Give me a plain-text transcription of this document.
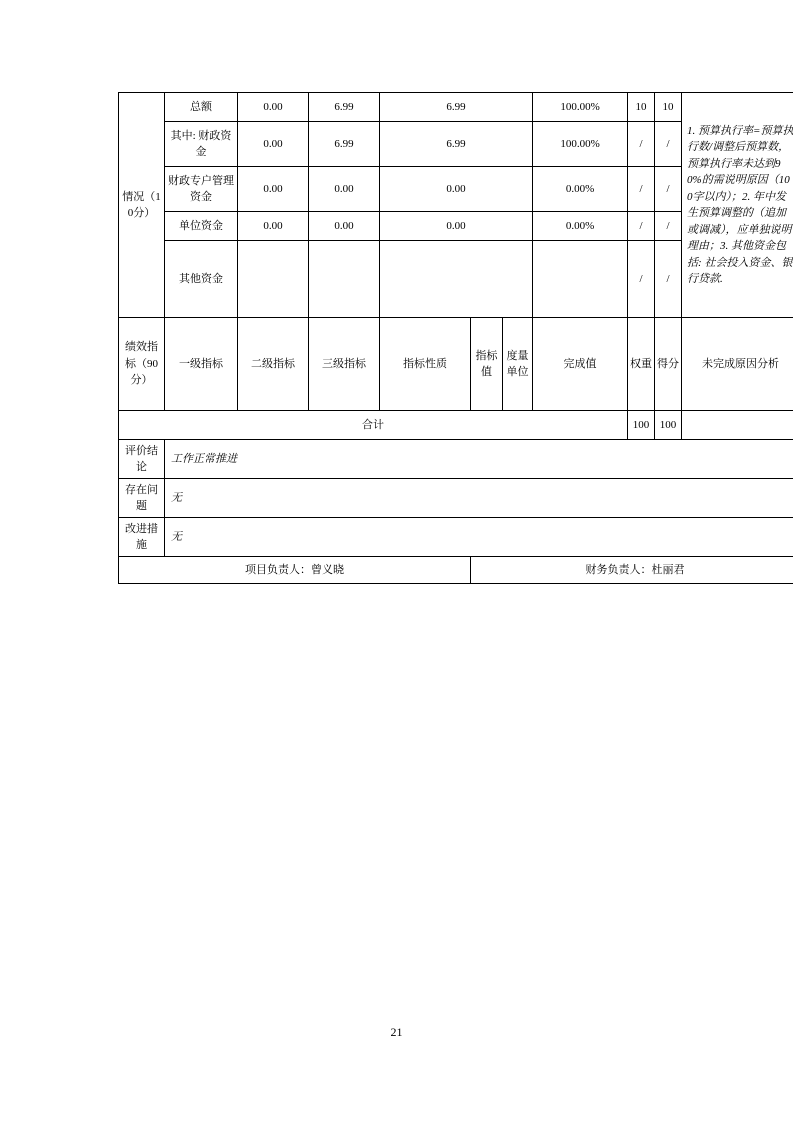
情况（10分）	总额	0.00	6.99	6.99			100.00%	10	10	1. 预算执行率=预算执行数/调整后预算数，预算执行率未达到90%的需说明原因（100字以内）；2. 年中发生预算调整的（追加或调减），应单独说明理由；3. 其他资金包括: 社会投入资金、银行贷款.
	其中: 财政资金	0.00	6.99	6.99			100.00%	/	/	
	财政专户管理资金	0.00	0.00	0.00			0.00%	/	/	
	单位资金	0.00	0.00	0.00			0.00%	/	/	
	其他资金							/	/	
绩效指标（90分）	一级指标	二级指标	三级指标	指标性质	指标值	度量单位	完成值	权重	得分	未完成原因分析
合计								100	100	
评价结论	工作正常推进									
存在问题	无									
改进措施	无									
项目负责人：曾义晓					财务负责人：杜丽君					
21
